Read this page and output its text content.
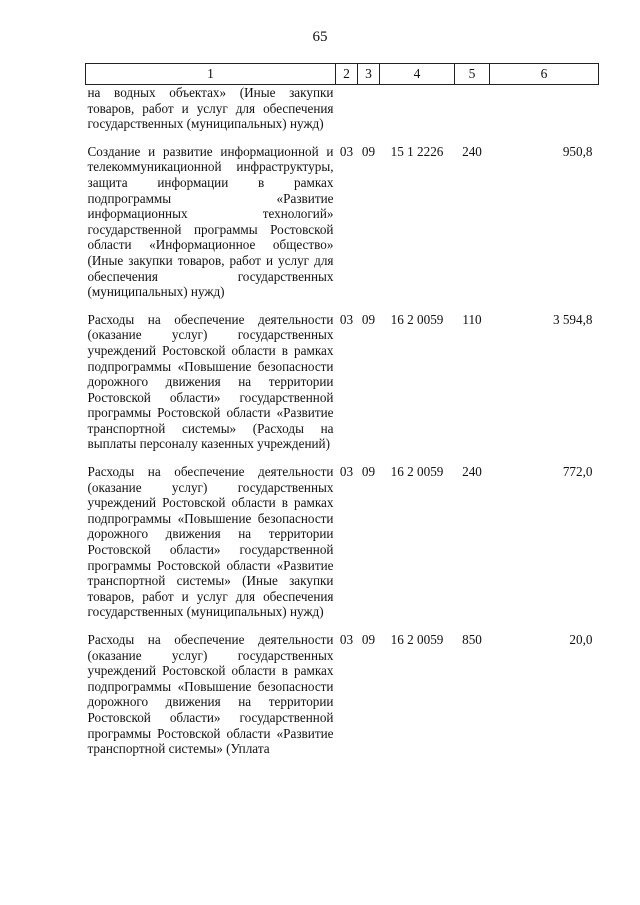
65
1	2	3	4	5	6
на водных объектах» (Иные закупки товаров, работ и услуг для обеспечения государственных (муниципальных) нужд)					

Создание и развитие информационной и телекоммуникационной инфраструктуры, защита информации в рамках подпрограммы «Развитие информационных технологий» государственной программы Ростовской области «Информационное общество» (Иные закупки товаров, работ и услуг для обеспечения государственных (муниципальных) нужд)	03	09	15 1 2226	240	950,8

Расходы на обеспечение деятельности (оказание услуг) государственных учреждений Ростовской области в рамках подпрограммы «Повышение безопасности дорожного движения на территории Ростовской области» государственной программы Ростовской области «Развитие транспортной системы» (Расходы на выплаты персоналу казенных учреждений)	03	09	16 2 0059	110	3 594,8

Расходы на обеспечение деятельности (оказание услуг) государственных учреждений Ростовской области в рамках подпрограммы «Повышение безопасности дорожного движения на территории Ростовской области» государственной программы Ростовской области «Развитие транспортной системы» (Иные закупки товаров, работ и услуг для обеспечения государственных (муниципальных) нужд)	03	09	16 2 0059	240	772,0

Расходы на обеспечение деятельности (оказание услуг) государственных учреждений Ростовской области в рамках подпрограммы «Повышение безопасности дорожного движения на территории Ростовской области» государственной программы Ростовской области «Развитие транспортной системы» (Уплата	03	09	16 2 0059	850	20,0
